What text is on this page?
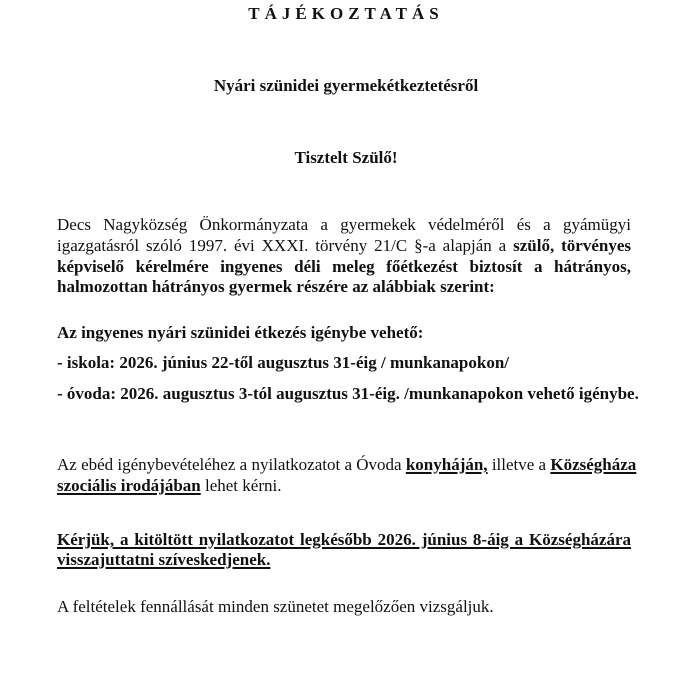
TÁJÉKOZTATÁS
Nyári szünidei gyermekétkeztetésről
Tisztelt Szülő!
Decs Nagyközség Önkormányzata a gyermekek védelméről és a gyámügyi
igazgatásról szóló 1997. évi XXXI. törvény 21/C §-a alapján a szülő, törvényes
képviselő kérelmére ingyenes déli meleg főétkezést biztosít a hátrányos,
halmozottan hátrányos gyermek részére az alábbiak szerint:
Az ingyenes nyári szünidei étkezés igénybe vehető:
- iskola: 2026. június 22-től augusztus 31-éig / munkanapokon/
- óvoda: 2026. augusztus 3-tól augusztus 31-éig. /munkanapokon vehető igénybe.
Az ebéd igénybevételéhez a nyilatkozatot a Óvoda konyháján, illetve a Községháza
szociális irodájában lehet kérni.
Kérjük, a kitöltött nyilatkozatot legkésőbb 2026. június 8-áig a Községházára
visszajuttatni szíveskedjenek.
A feltételek fennállását minden szünetet megelőzően vizsgáljuk.
